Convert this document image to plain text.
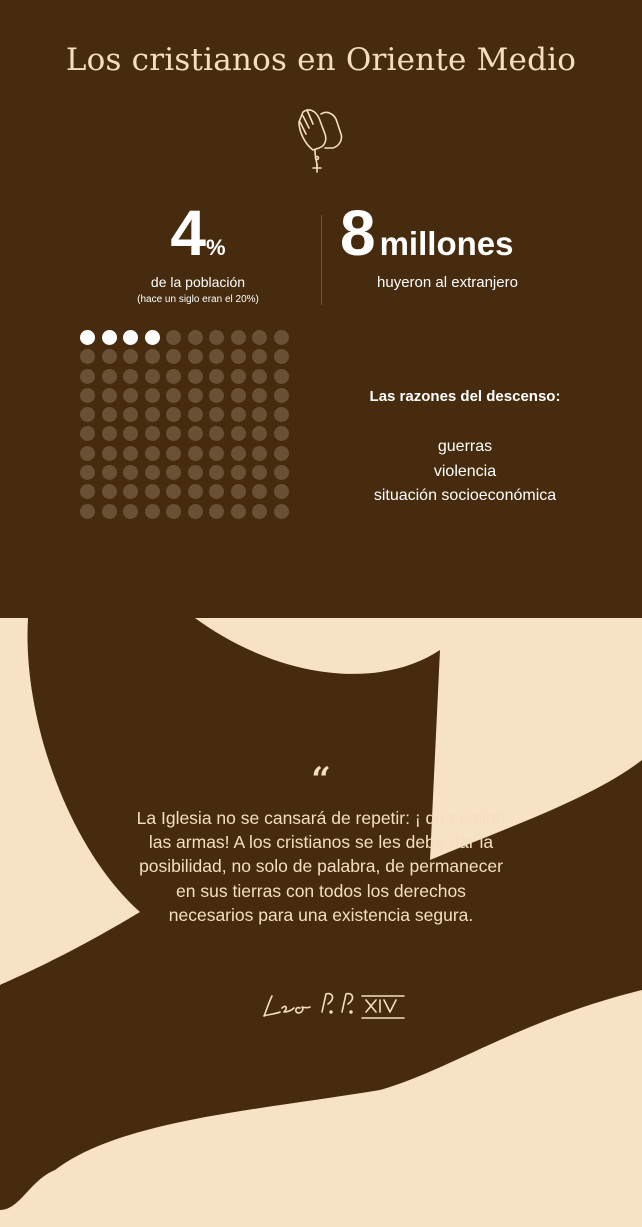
Los cristianos en Oriente Medio
4%
de la población
(hace un siglo eran el 20%)
8 millones
huyeron al extranjero
Las razones del descenso:
guerras
violencia
situación socioeconómica
“
La Iglesia no se cansará de repetir: ¡ que callen las armas! A los cristianos se les debe dar la posibilidad, no solo de palabra, de permanecer en sus tierras con todos los derechos necesarios para una existencia segura.
